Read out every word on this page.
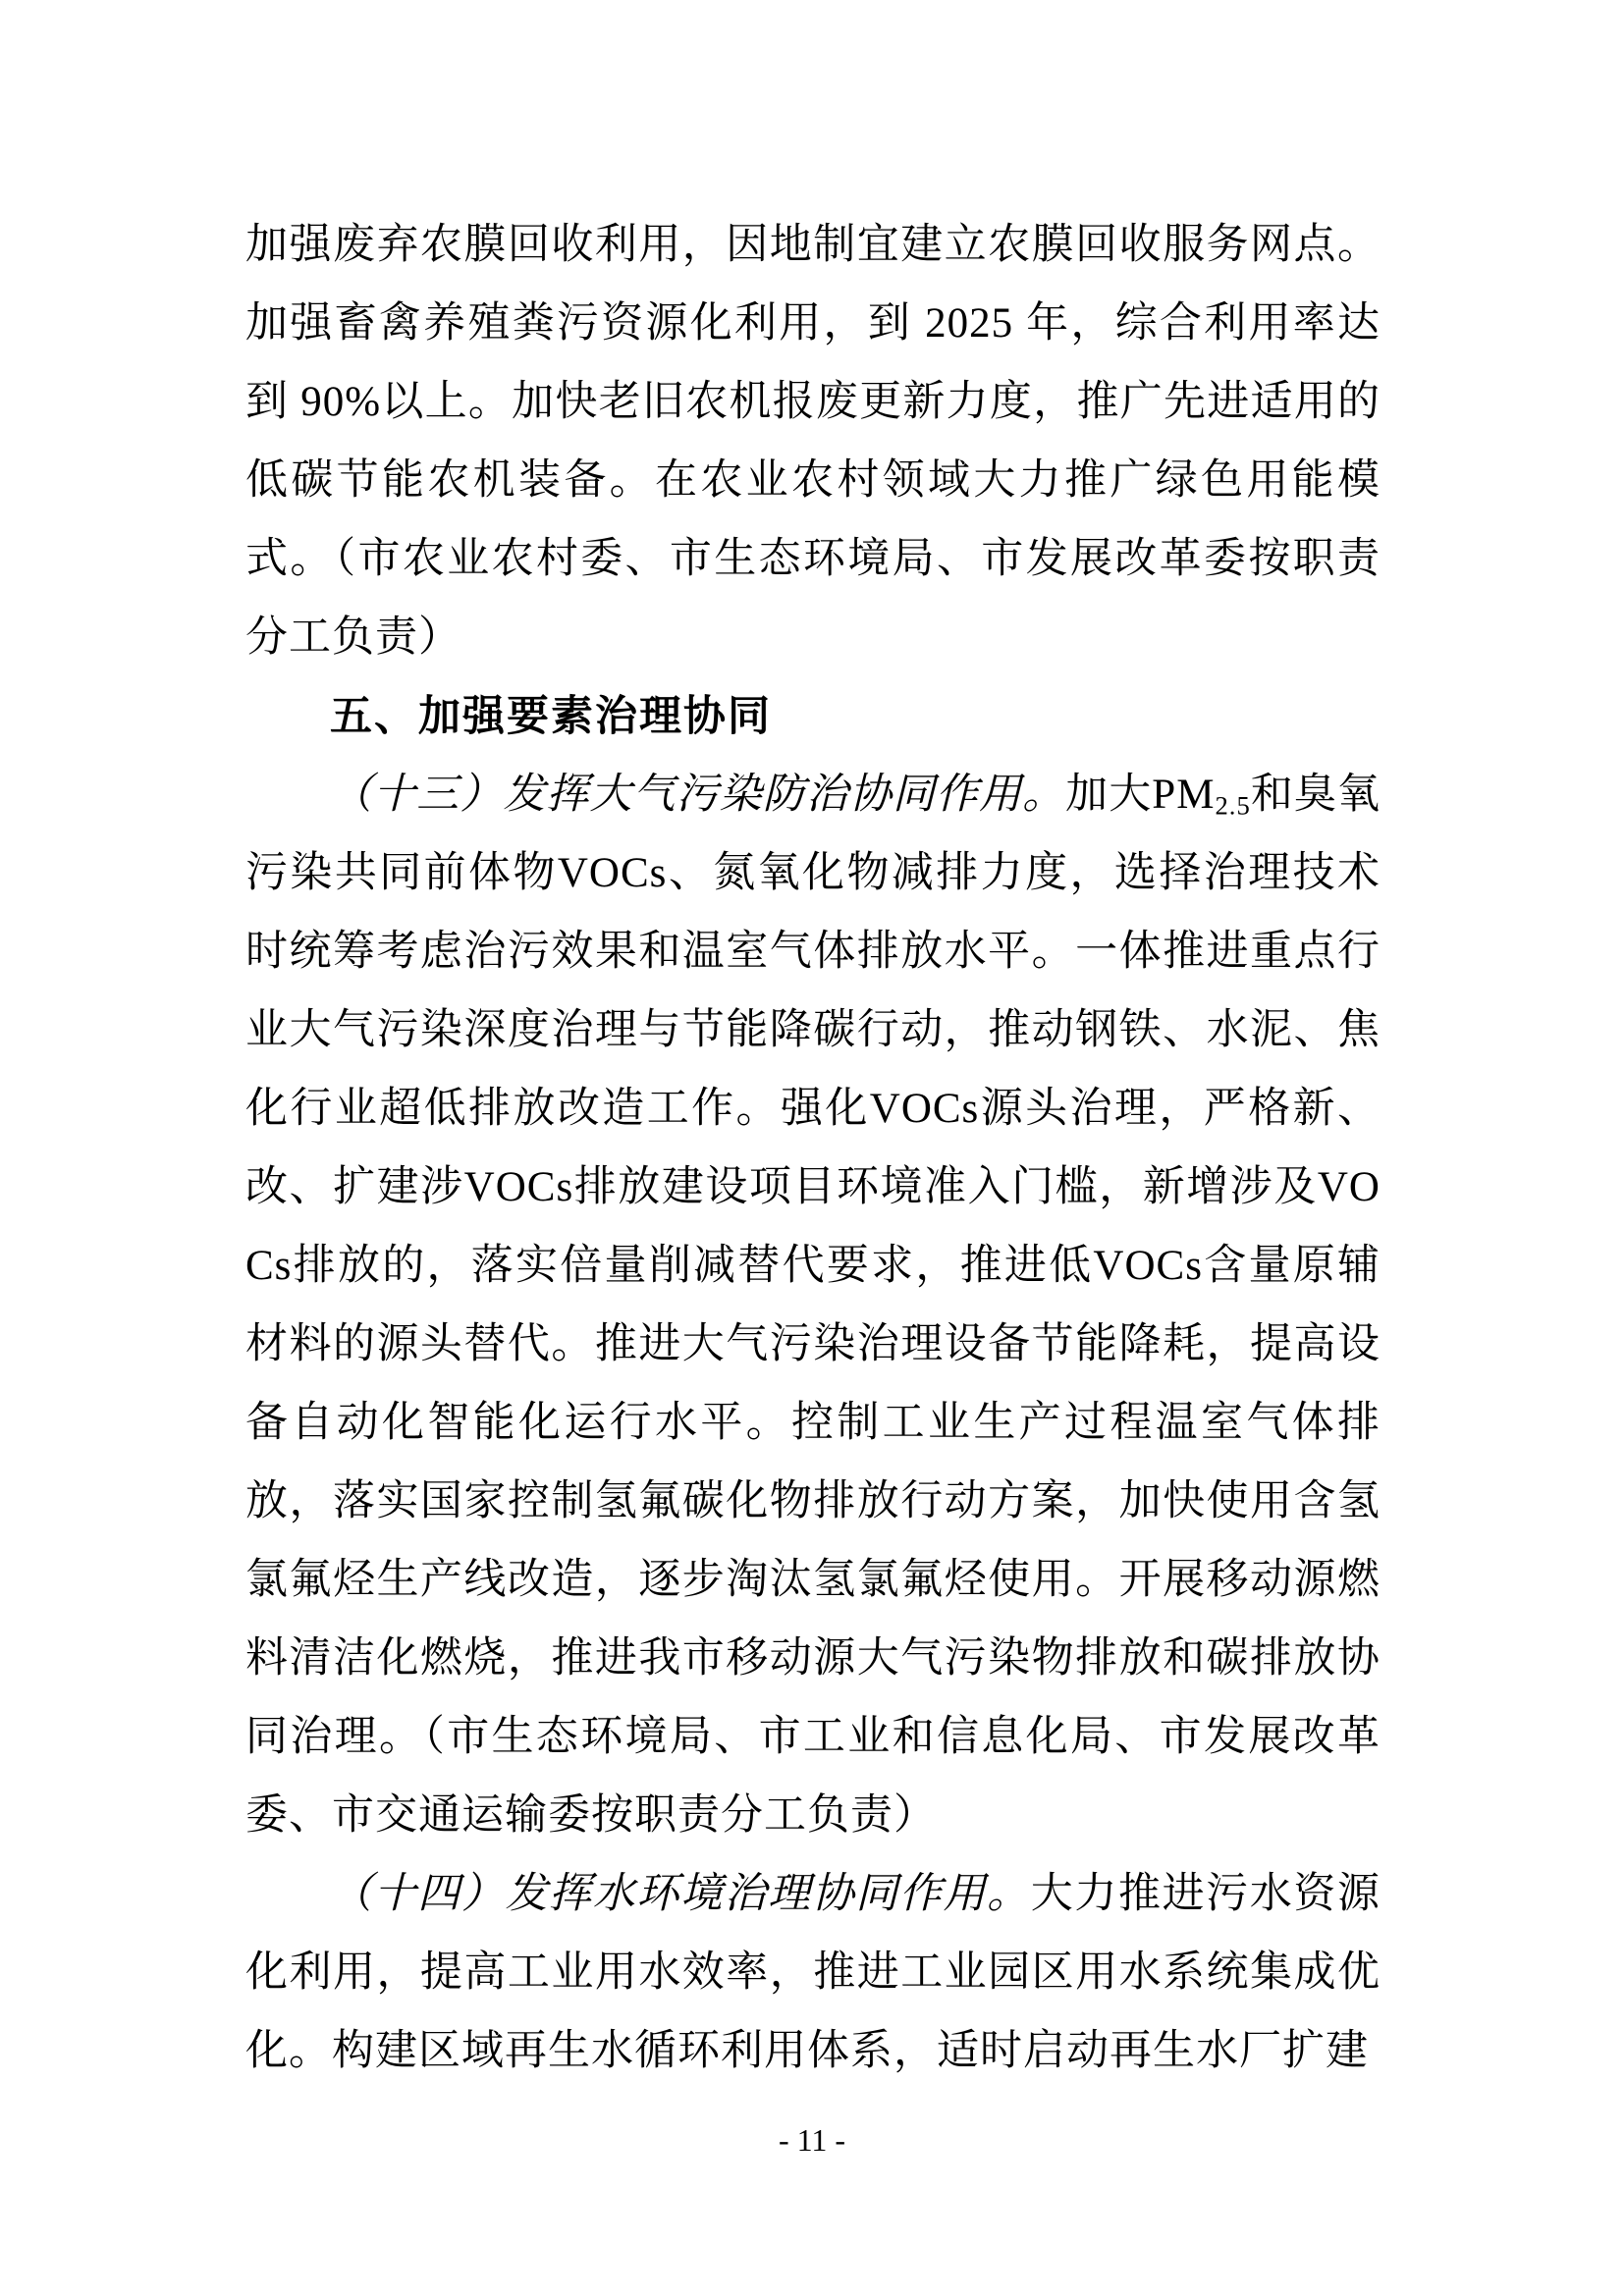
加强废弃农膜回收利用，因地制宜建立农膜回收服务网点。加强畜禽养殖粪污资源化利用，到 2025 年，综合利用率达到 90%以上。加快老旧农机报废更新力度，推广先进适用的低碳节能农机装备。在农业农村领域大力推广绿色用能模式。（市农业农村委、市生态环境局、市发展改革委按职责分工负责）

五、加强要素治理协同

（十三）发挥大气污染防治协同作用。加大$PM_{2.5}$和臭氧污染共同前体物VOCs、氮氧化物减排力度，选择治理技术时统筹考虑治污效果和温室气体排放水平。一体推进重点行业大气污染深度治理与节能降碳行动，推动钢铁、水泥、焦化行业超低排放改造工作。强化VOCs源头治理，严格新、改、扩建涉VOCs排放建设项目环境准入门槛，新增涉及VOCs排放的，落实倍量削减替代要求，推进低VOCs含量原辅材料的源头替代。推进大气污染治理设备节能降耗，提高设备自动化智能化运行水平。控制工业生产过程温室气体排放，落实国家控制氢氟碳化物排放行动方案，加快使用含氢氯氟烃生产线改造，逐步淘汰氢氯氟烃使用。开展移动源燃料清洁化燃烧，推进我市移动源大气污染物排放和碳排放协同治理。（市生态环境局、市工业和信息化局、市发展改革委、市交通运输委按职责分工负责）

（十四）发挥水环境治理协同作用。大力推进污水资源化利用，提高工业用水效率，推进工业园区用水系统集成优化。构建区域再生水循环利用体系，适时启动再生水厂扩建

- 11 -
